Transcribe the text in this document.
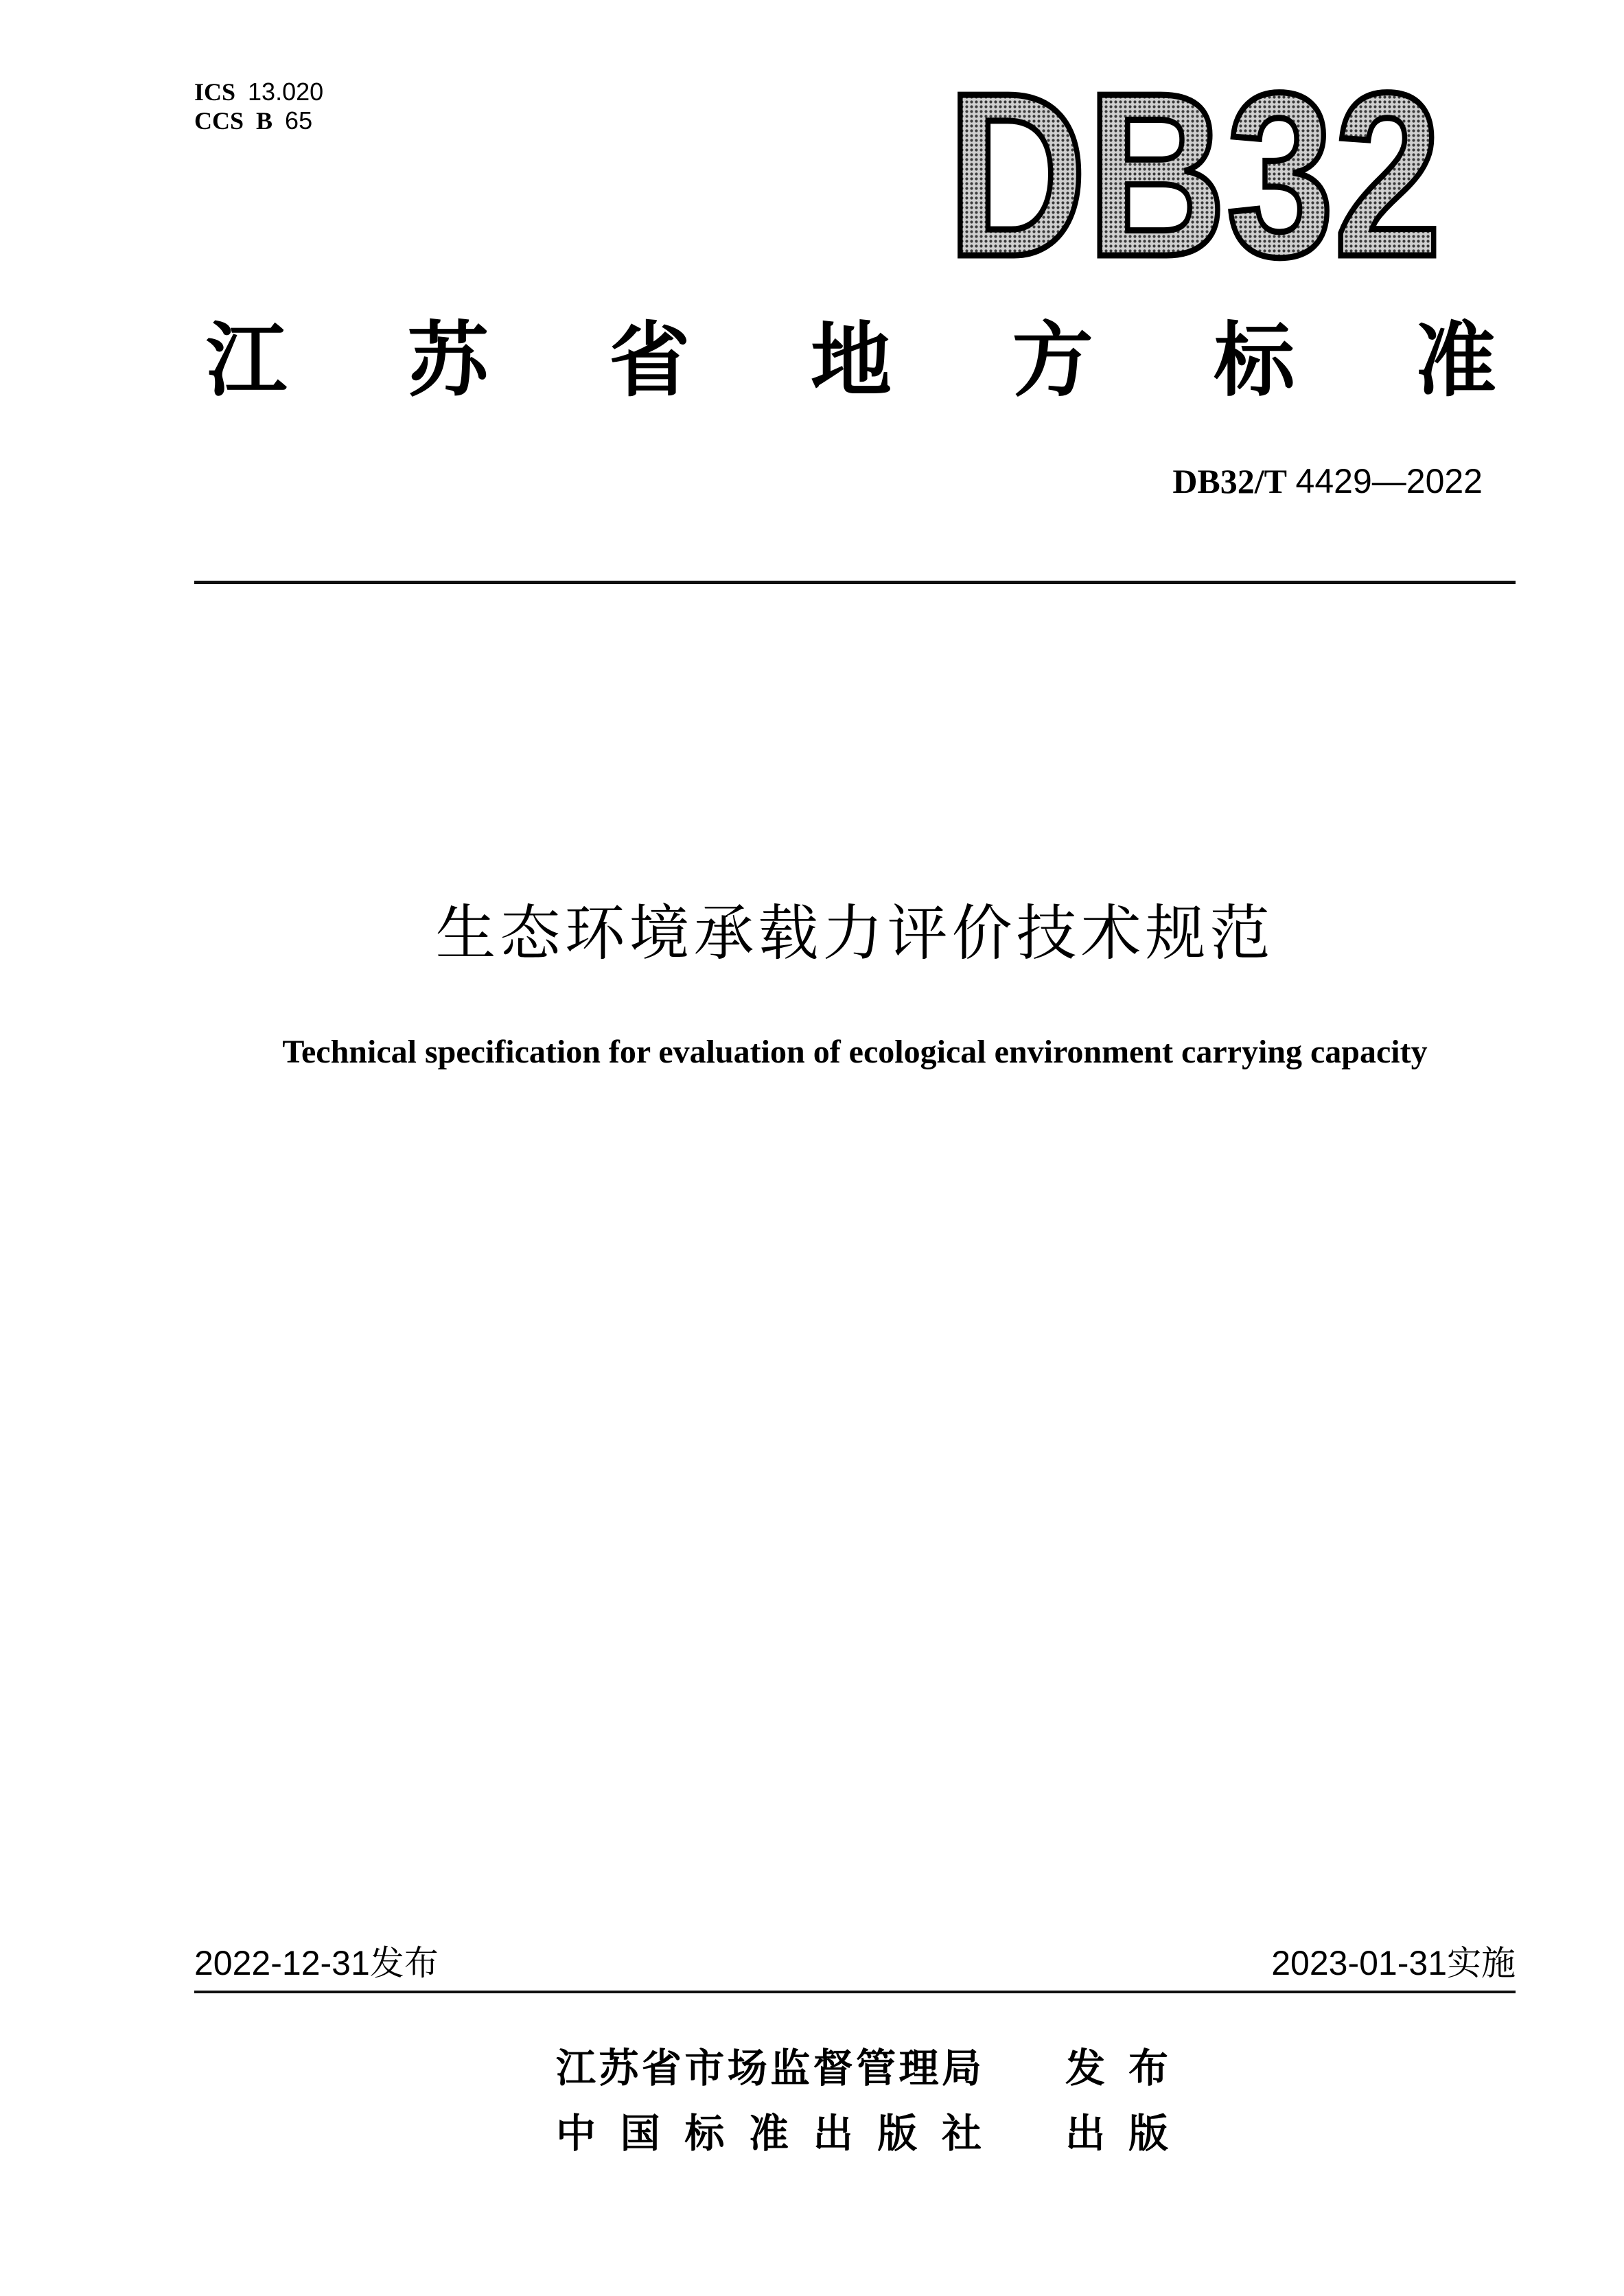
ICS 13.020
CCS B 65	DB32
江 苏 省 地 方 标 准
DB32/T 4429—2022
生态环境承载力评价技术规范
Technical specification for evaluation of ecological environment carrying capacity
2022-12-31发布	2023-01-31实施
江 苏 省 市 场 监 督 管 理 局 发 布
中 国 标 准 出 版 社 出 版
